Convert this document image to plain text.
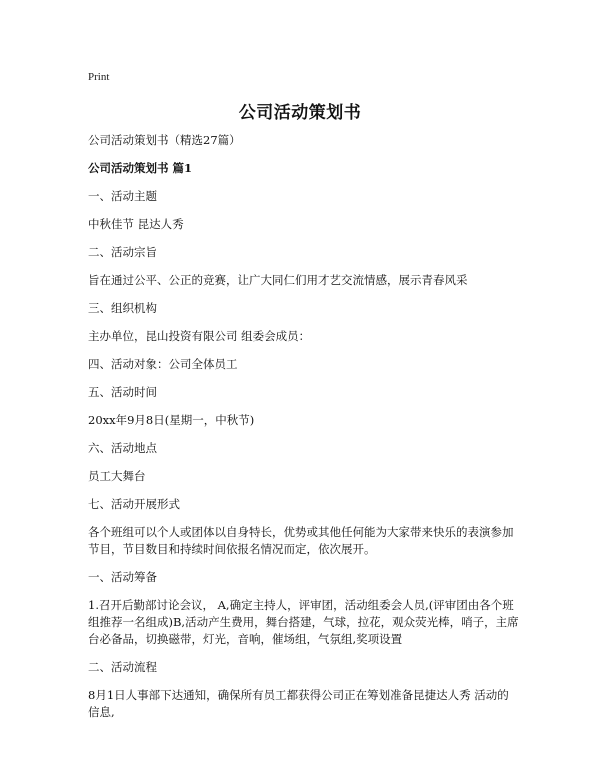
Print
公司活动策划书

公司活动策划书（精选27篇）

公司活动策划书 篇1

一、活动主题

中秋佳节 昆达人秀

二、活动宗旨

旨在通过公平、公正的竞赛，让广大同仁们用才艺交流情感，展示青春风采

三、组织机构

主办单位，昆山投资有限公司 组委会成员：

四、活动对象：公司全体员工

五、活动时间

20xx年9月8日(星期一，中秋节)

六、活动地点

员工大舞台

七、活动开展形式

各个班组可以个人或团体以自身特长，优势或其他任何能为大家带来快乐的表演参加节目，节目数目和持续时间依报名情况而定，依次展开。

一、活动筹备

1.召开后勤部讨论会议， A,确定主持人，评审团，活动组委会人员,(评审团由各个班组推荐一名组成)B,活动产生费用，舞台搭建，气球，拉花，观众荧光棒，哨子，主席台必备品，切换磁带，灯光，音响，催场组，气氛组,奖项设置

二、活动流程

8月1日人事部下达通知，确保所有员工都获得公司正在筹划准备昆捷达人秀 活动的信息,
